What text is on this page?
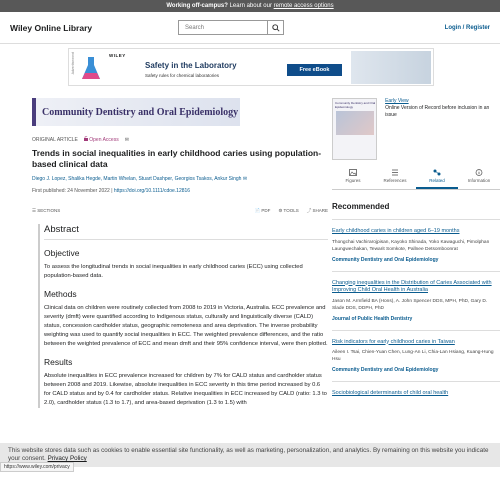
Working off-campus? Learn about our remote access options
Wiley Online Library	Search	Login / Register
Advertisement	WILEY
Safety in the Laboratory
Safety rules for chemical laboratories
Free eBook
Community Dentistry and Oral Epidemiology
ORIGINAL ARTICLE	Open Access ✉
Trends in social inequalities in early childhood caries using population-based clinical data
Diego J. Lopez, Shalika Hegde, Martin Whelan, Stuart Dashper, Georgios Tsakos, Ankur Singh ✉
First published: 24 November 2022 | https://doi.org/10.1111/cdoe.12816
☰ SECTIONS	📄 PDF ⚙ TOOLS ⤴ SHARE
Abstract
Objective

To assess the longitudinal trends in social inequalities in early childhood caries (ECC) using collected population-based data.

Methods

Clinical data on children were routinely collected from 2008 to 2019 in Victoria, Australia. ECC prevalence and severity (dmft) were quantified according to Indigenous status, culturally and linguistically diverse (CALD) status, concession cardholder status, geographic remoteness and area deprivation. The inverse probability weighting was used to quantify social inequalities in ECC. The weighted prevalence differences, and the ratio between the weighted prevalence of ECC and mean dmft and their 95% confidence interval, were then plotted.

Results

Absolute inequalities in ECC prevalence increased for children by 7% for CALD status and cardholder status between 2008 and 2019. Likewise, absolute inequalities in ECC severity in this time period increased by 0.6 for CALD status and by 0.4 for cardholder status. Relative inequalities in ECC increased by CALD (ratio: 1.3 to 2.0), cardholder status (1.3 to 1.7), and area-based deprivation (1.3 to 1.5) with

Community Dentistry and Oral Epidemiology
Early View
Online Version of Record before inclusion in an issue
Figures	References	Related	Information
Recommended
Early childhood caries in children aged 6–19 months
Thongchai Vachirarojpisan, Kayoko Shinada, Yoko Kawaguchi, Pimolphan Laungwechakan, Tewarit Somkote, Pallnee Detsomboonrat
Community Dentistry and Oral Epidemiology
Changing inequalities in the Distribution of Caries Associated with Improving Child Oral Health in Australia
Jason M. Armfield BA (Hons), A. John Spencer DDS, MPH, PhD, Gary D. Slade DDS, DDPH, PhD
Journal of Public Health Dentistry
Risk indicators for early childhood caries in Taiwan
Aileen I. Tsai, Chien-Yuan Chen, Lung-An Li, Chia-Lan Hsiang, Kuang-Hung Hsu
Community Dentistry and Oral Epidemiology
Sociobiological determinants of child oral health
This website stores data such as cookies to enable essential site functionality, as well as marketing, personalization, and analytics. By remaining on this website you indicate your consent. Privacy Policy
https://www.wiley.com/privacy
